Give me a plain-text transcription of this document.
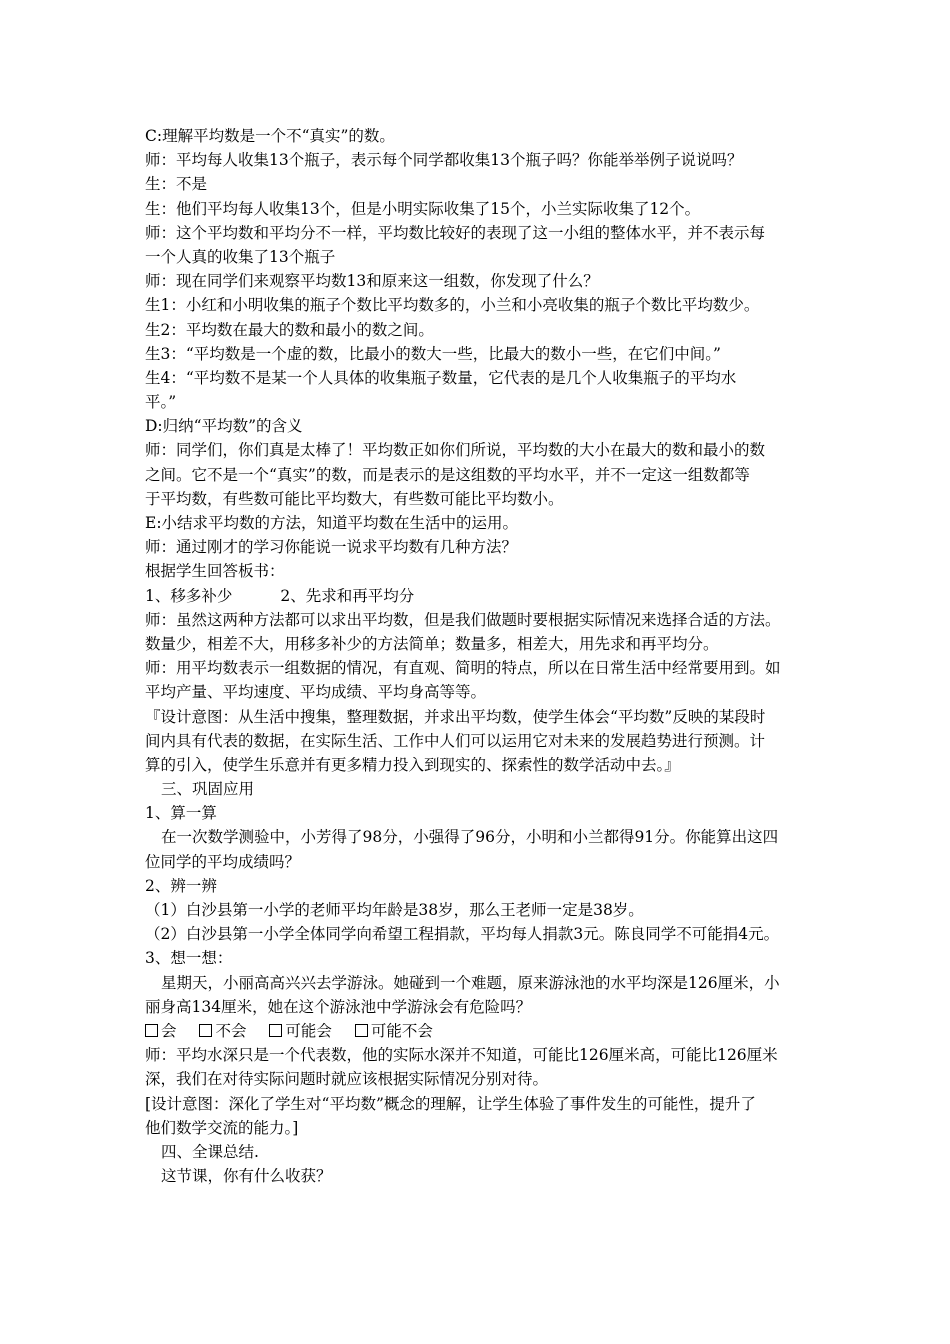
C:理解平均数是一个不“真实”的数。
师：平均每人收集13个瓶子，表示每个同学都收集13个瓶子吗？你能举举例子说说吗？
生：不是
生：他们平均每人收集13个，但是小明实际收集了15个，小兰实际收集了12个。
师：这个平均数和平均分不一样，平均数比较好的表现了这一小组的整体水平，并不表示每
一个人真的收集了13个瓶子
师：现在同学们来观察平均数13和原来这一组数，你发现了什么？
生1：小红和小明收集的瓶子个数比平均数多的，小兰和小亮收集的瓶子个数比平均数少。
生2：平均数在最大的数和最小的数之间。
生3：“平均数是一个虚的数，比最小的数大一些，比最大的数小一些，在它们中间。”
生4：“平均数不是某一个人具体的收集瓶子数量，它代表的是几个人收集瓶子的平均水
平。”
D:归纳“平均数”的含义
师：同学们，你们真是太棒了！平均数正如你们所说，平均数的大小在最大的数和最小的数
之间。它不是一个“真实”的数，而是表示的是这组数的平均水平，并不一定这一组数都等
于平均数，有些数可能比平均数大，有些数可能比平均数小。
E:小结求平均数的方法，知道平均数在生活中的运用。
师：通过刚才的学习你能说一说求平均数有几种方法？
根据学生回答板书：
1、移多补少	2、先求和再平均分
师：虽然这两种方法都可以求出平均数，但是我们做题时要根据实际情况来选择合适的方法。
数量少，相差不大，用移多补少的方法简单；数量多，相差大，用先求和再平均分。
师：用平均数表示一组数据的情况，有直观、简明的特点，所以在日常生活中经常要用到。如
平均产量、平均速度、平均成绩、平均身高等等。
『设计意图：从生活中搜集，整理数据，并求出平均数，使学生体会“平均数”反映的某段时
间内具有代表的数据，在实际生活、工作中人们可以运用它对未来的发展趋势进行预测。计
算的引入，使学生乐意并有更多精力投入到现实的、探索性的数学活动中去。』
三、巩固应用
1、算一算
在一次数学测验中，小芳得了98分，小强得了96分，小明和小兰都得91分。你能算出这四
位同学的平均成绩吗？
2、辨一辨
（1）白沙县第一小学的老师平均年龄是38岁，那么王老师一定是38岁。
（2）白沙县第一小学全体同学向希望工程捐款，平均每人捐款3元。陈良同学不可能捐4元。
3、想一想：
星期天，小丽高高兴兴去学游泳。她碰到一个难题，原来游泳池的水平均深是126厘米，小
丽身高134厘米，她在这个游泳池中学游泳会有危险吗？
会	不会	可能会	可能不会
师：平均水深只是一个代表数，他的实际水深并不知道，可能比126厘米高，可能比126厘米
深，我们在对待实际问题时就应该根据实际情况分别对待。
[设计意图：深化了学生对“平均数”概念的理解，让学生体验了事件发生的可能性，提升了
他们数学交流的能力。]
四、全课总结.
这节课，你有什么收获？
